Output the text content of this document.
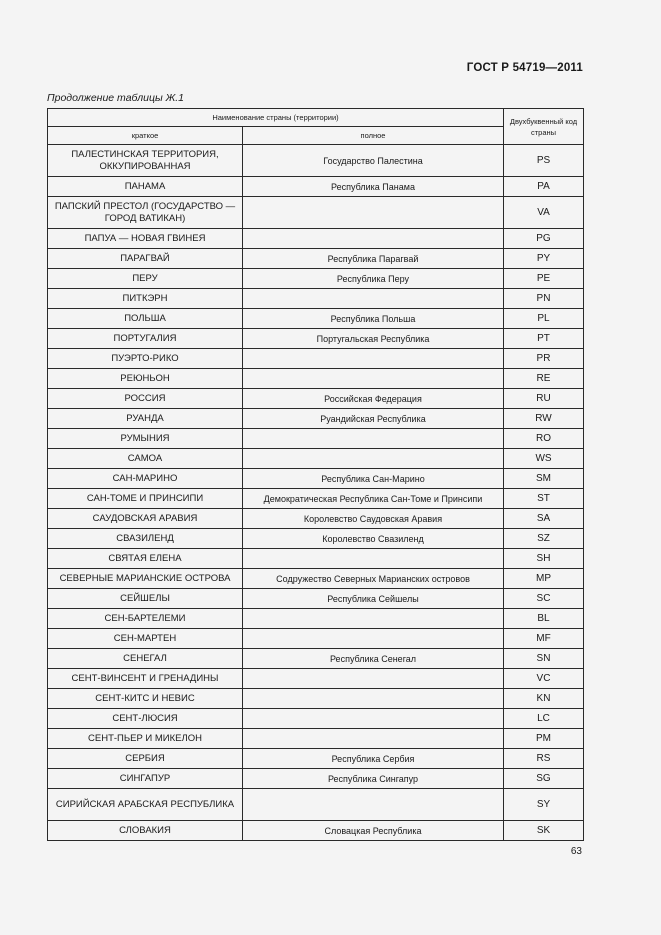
ГОСТ Р 54719—2011
Продолжение таблицы Ж.1
Наименование страны (территории)		Двухбуквенный код страны
краткое	полное	
ПАЛЕСТИНСКАЯ ТЕРРИТОРИЯ, ОККУПИРОВАННАЯ	Государство Палестина	PS
ПАНАМА	Республика Панама	PA
ПАПСКИЙ ПРЕСТОЛ (ГОСУДАРСТВО — ГОРОД ВАТИКАН)		VA
ПАПУА — НОВАЯ ГВИНЕЯ		PG
ПАРАГВАЙ	Республика Парагвай	PY
ПЕРУ	Республика Перу	PE
ПИТКЭРН		PN
ПОЛЬША	Республика Польша	PL
ПОРТУГАЛИЯ	Португальская Республика	PT
ПУЭРТО-РИКО		PR
РЕЮНЬОН		RE
РОССИЯ	Российская Федерация	RU
РУАНДА	Руандийская Республика	RW
РУМЫНИЯ		RO
САМОА		WS
САН-МАРИНО	Республика Сан-Марино	SM
САН-ТОМЕ И ПРИНСИПИ	Демократическая Республика Сан-Томе и Принсипи	ST
САУДОВСКАЯ АРАВИЯ	Королевство Саудовская Аравия	SA
СВАЗИЛЕНД	Королевство Свазиленд	SZ
СВЯТАЯ ЕЛЕНА		SH
СЕВЕРНЫЕ МАРИАНСКИЕ ОСТРОВА	Содружество Северных Марианских островов	MP
СЕЙШЕЛЫ	Республика Сейшелы	SC
СЕН-БАРТЕЛЕМИ		BL
СЕН-МАРТЕН		MF
СЕНЕГАЛ	Республика Сенегал	SN
СЕНТ-ВИНСЕНТ И ГРЕНАДИНЫ		VC
СЕНТ-КИТС И НЕВИС		KN
СЕНТ-ЛЮСИЯ		LC
СЕНТ-ПЬЕР И МИКЕЛОН		PM
СЕРБИЯ	Республика Сербия	RS
СИНГАПУР	Республика Сингапур	SG
СИРИЙСКАЯ АРАБСКАЯ РЕСПУБЛИКА		SY
СЛОВАКИЯ	Словацкая Республика	SK
63
